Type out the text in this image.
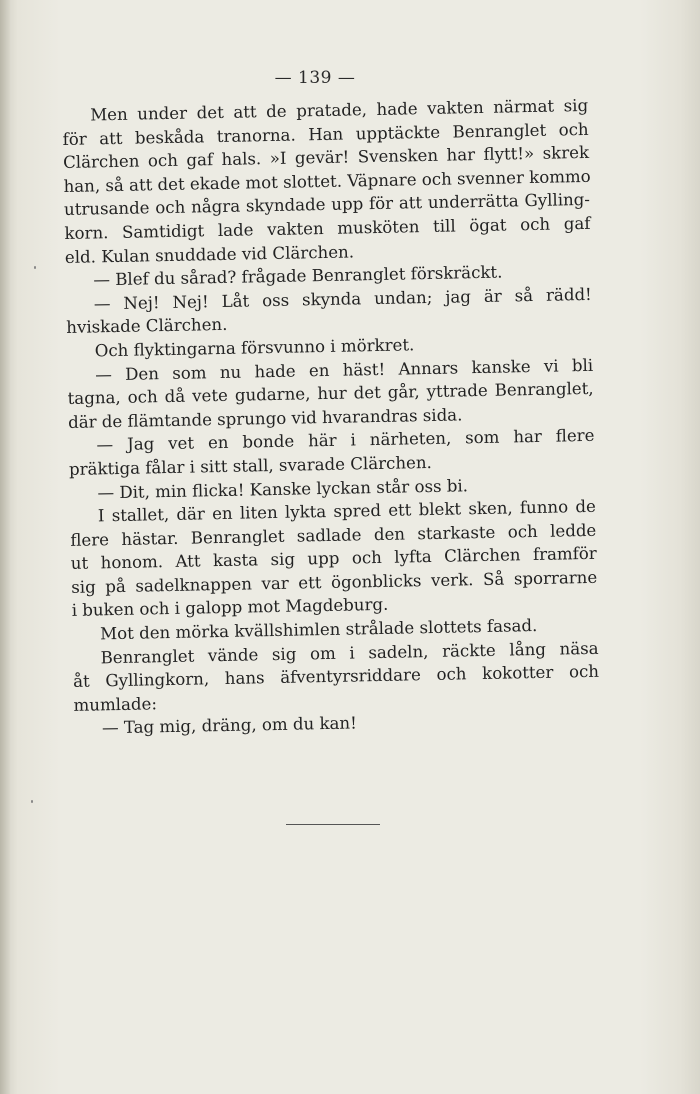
— 139 —
Men under det att de pratade, hade vakten närmat sig
för att beskåda tranorna. Han upptäckte Benranglet och
Clärchen och gaf hals. »I gevär! Svensken har flytt!» skrek
han, så att det ekade mot slottet. Väpnare och svenner kommo
utrusande och några skyndade upp för att underrätta Gylling-
korn. Samtidigt lade vakten musköten till ögat och gaf
eld. Kulan snuddade vid Clärchen.
— Blef du sårad? frågade Benranglet förskräckt.
— Nej! Nej! Låt oss skynda undan; jag är så rädd!
hviskade Clärchen.
Och flyktingarna försvunno i mörkret.
— Den som nu hade en häst! Annars kanske vi bli
tagna, och då vete gudarne, hur det går, yttrade Benranglet,
där de flämtande sprungo vid hvarandras sida.
— Jag vet en bonde här i närheten, som har flere
präktiga fålar i sitt stall, svarade Clärchen.
— Dit, min flicka! Kanske lyckan står oss bi.
I stallet, där en liten lykta spred ett blekt sken, funno de
flere hästar. Benranglet sadlade den starkaste och ledde
ut honom. Att kasta sig upp och lyfta Clärchen framför
sig på sadelknappen var ett ögonblicks verk. Så sporrarne
i buken och i galopp mot Magdeburg.
Mot den mörka kvällshimlen strålade slottets fasad.
Benranglet vände sig om i sadeln, räckte lång näsa
åt Gyllingkorn, hans äfventyrsriddare och kokotter och
mumlade:
— Tag mig, dräng, om du kan!
